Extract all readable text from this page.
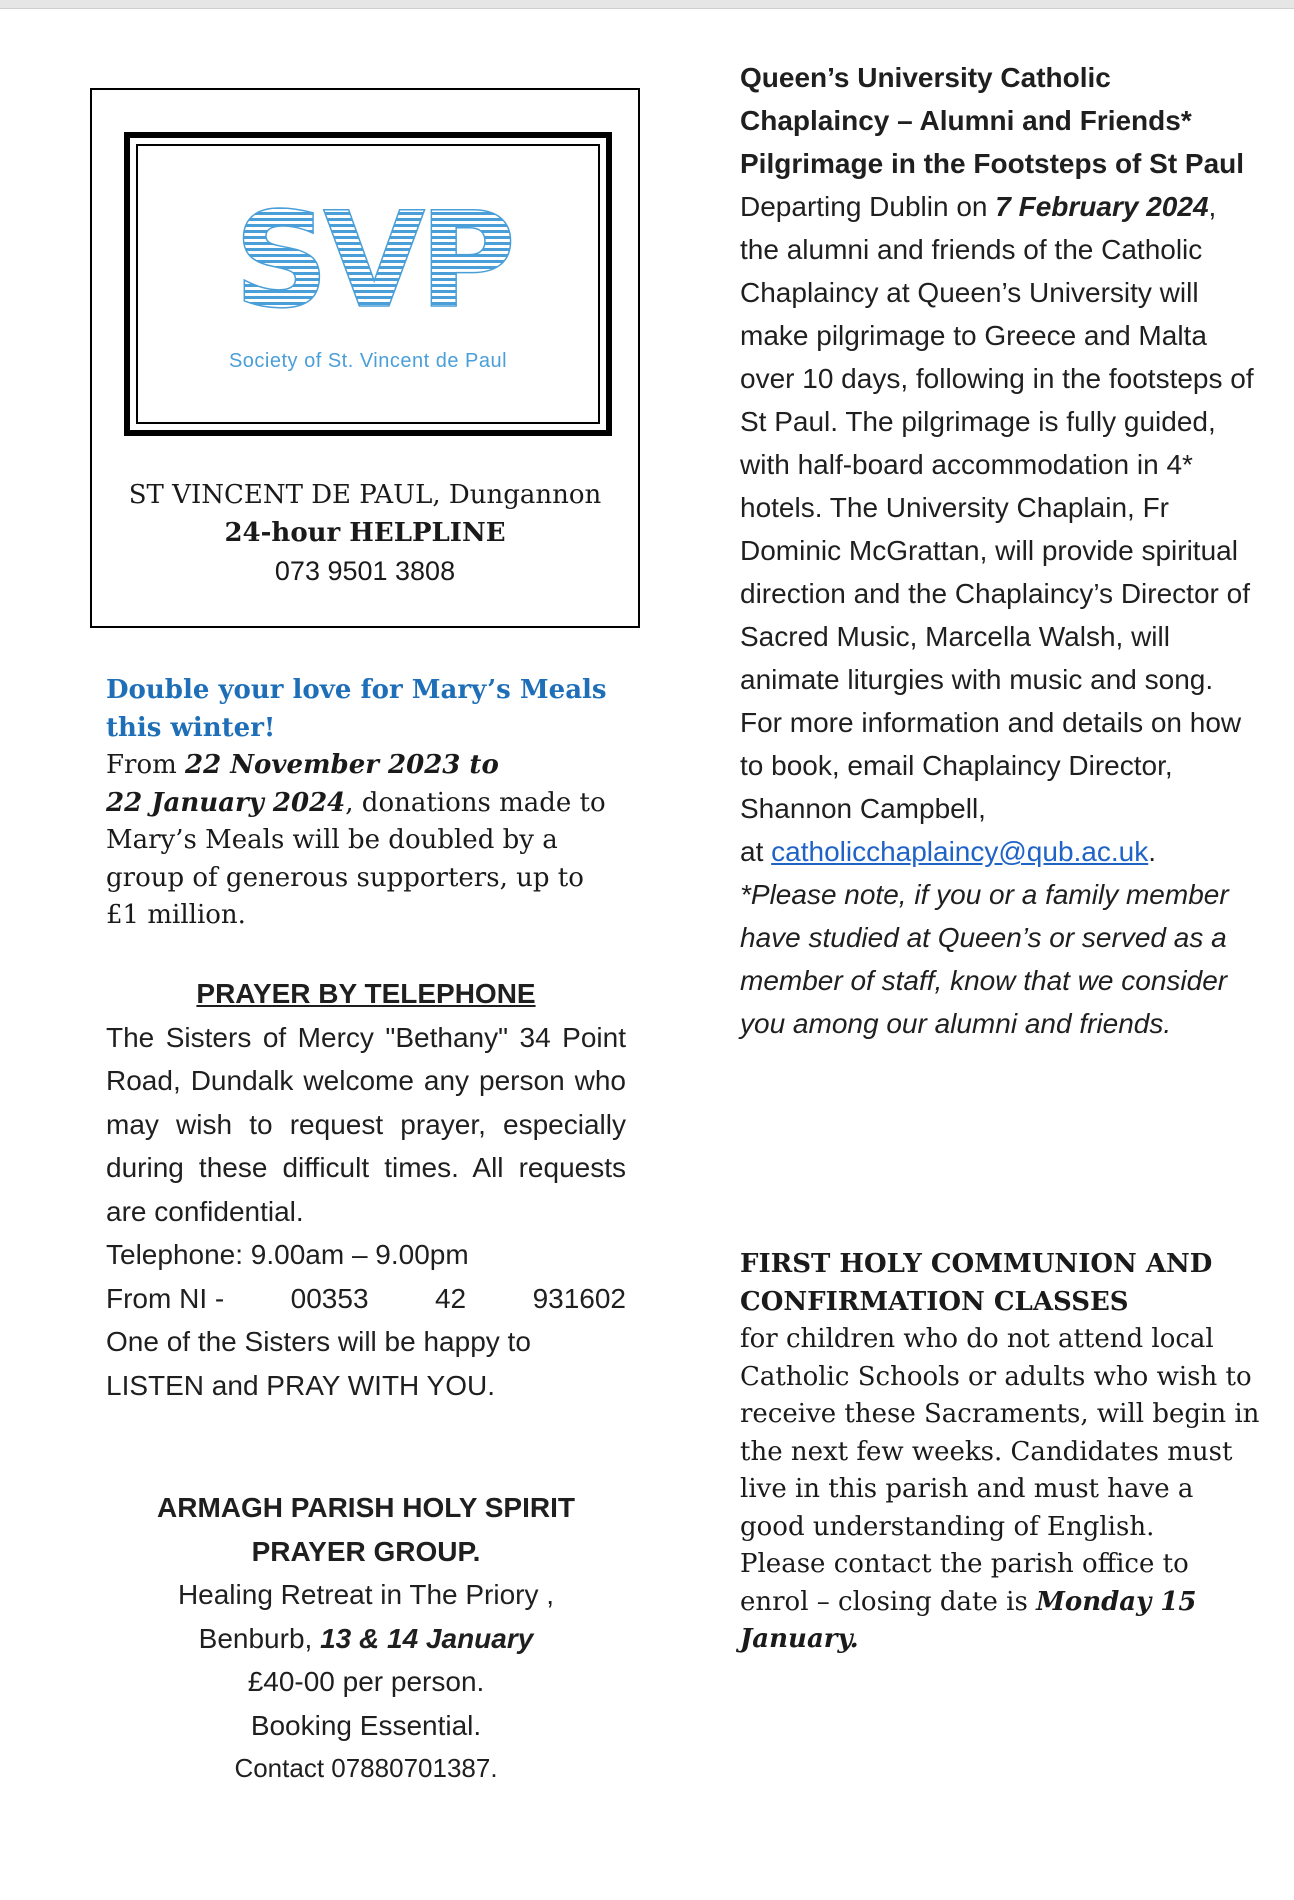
SVP
Society of St. Vincent de Paul
ST VINCENT DE PAUL, Dungannon
24-hour HELPLINE
073 9501 3808
Double your love for Mary’s Meals
this winter!
From 22 November 2023 to
22 January 2024, donations made to
Mary’s Meals will be doubled by a
group of generous supporters, up to
£1 million.
PRAYER BY TELEPHONE
The Sisters of Mercy "Bethany" 34 Point Road, Dundalk welcome any person who may wish to request prayer, especially during these difficult times. All requests are confidential.
Telephone: 9.00am – 9.00pm
From NI - 00353 42 931602
One of the Sisters will be happy to
LISTEN and PRAY WITH YOU.
ARMAGH PARISH HOLY SPIRIT
PRAYER GROUP.
Healing Retreat in The Priory ,
Benburb, 13 & 14 January
£40-00 per person.
Booking Essential.
Contact 07880701387.
Queen’s University Catholic Chaplaincy – Alumni and Friends* Pilgrimage in the Footsteps of St Paul
Departing Dublin on 7 February 2024, the alumni and friends of the Catholic Chaplaincy at Queen’s University will make pilgrimage to Greece and Malta over 10 days, following in the footsteps of St Paul. The pilgrimage is fully guided, with half-board accommodation in 4* hotels. The University Chaplain, Fr Dominic McGrattan, will provide spiritual direction and the Chaplaincy’s Director of Sacred Music, Marcella Walsh, will animate liturgies with music and song. For more information and details on how to book, email Chaplaincy Director, Shannon Campbell,
at catholicchaplaincy@qub.ac.uk.
*Please note, if you or a family member have studied at Queen’s or served as a member of staff, know that we consider you among our alumni and friends.
FIRST HOLY COMMUNION AND CONFIRMATION CLASSES
for children who do not attend local Catholic Schools or adults who wish to receive these Sacraments, will begin in the next few weeks. Candidates must live in this parish and must have a good understanding of English.
Please contact the parish office to enrol – closing date is Monday 15 January.
